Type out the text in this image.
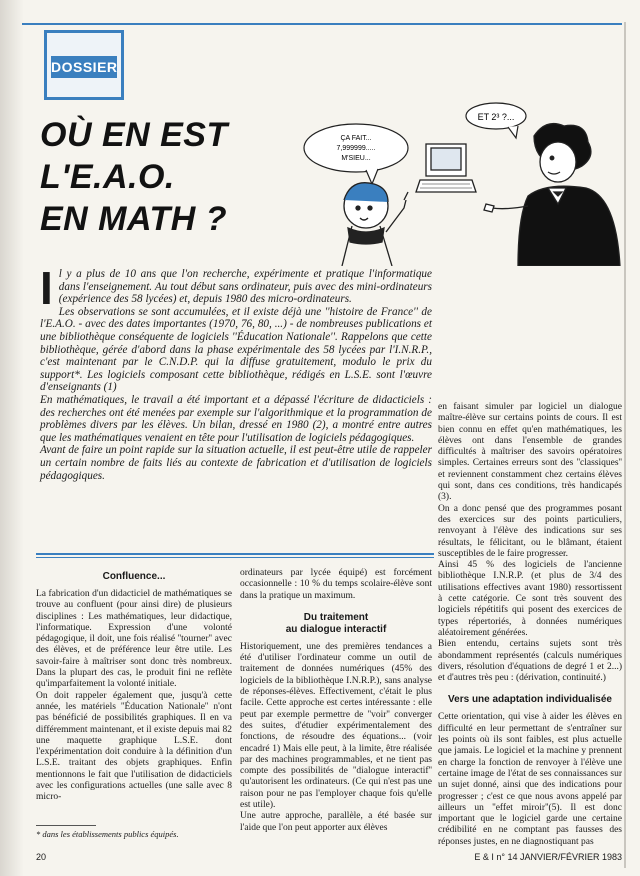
DOSSIER
OÙ EN EST
L'E.A.O.
EN MATH ?
ÇA FAIT...
7,999999.....
M'SIEU...
ET 2³ ?...
I l y a plus de 10 ans que l'on recherche, expérimente et pratique l'informatique dans l'enseignement. Au tout début sans ordinateur, puis avec des mini-ordinateurs (expérience des 58 lycées) et, depuis 1980 des micro-ordinateurs.

Les observations se sont accumulées, et il existe déjà une ''histoire de France'' de l'E.A.O. - avec des dates importantes (1970, 76, 80, ...) - de nombreuses publications et une bibliothèque conséquente de logiciels ''Éducation Nationale''. Rappelons que cette bibliothèque, gérée d'abord dans la phase expérimentale des 58 lycées par l'I.N.R.P., c'est maintenant par le C.N.D.P. qui la diffuse gratuitement, modulo le prix du support*. Les logiciels composant cette bibliothèque, rédigés en L.S.E. sont l'œuvre d'enseignants (1)

En mathématiques, le travail a été important et a dépassé l'écriture de didacticiels : des recherches ont été menées par exemple sur l'algorithmique et la programmation de problèmes divers par les élèves. Un bilan, dressé en 1980 (2), a montré entre autres que les mathématiques venaient en tête pour l'utilisation de logiciels pédagogiques.

Avant de faire un point rapide sur la situation actuelle, il est peut-être utile de rappeler un certain nombre de faits liés au contexte de fabrication et d'utilisation de logiciels pédagogiques.

Confluence...

La fabrication d'un didacticiel de mathématiques se trouve au confluent (pour ainsi dire) de plusieurs disciplines : Les mathématiques, leur didactique, l'informatique. Expression d'une volonté pédagogique, il doit, une fois réalisé ''tourner'' avec des élèves, et de préférence leur être utile. Les savoir-faire à maîtriser sont donc très nombreux. Dans la plupart des cas, le produit fini ne reflète qu'imparfaitement la volonté initiale.

On doit rappeler également que, jusqu'à cette année, les matériels ''Éducation Nationale'' n'ont pas bénéficié de possibilités graphiques. Il en va différemment maintenant, et il existe depuis mai 82 une maquette graphique L.S.E. dont l'expérimentation doit conduire à la définition d'un L.S.E. traitant des objets graphiques. Enfin mentionnons le fait que l'utilisation de didacticiels avec les configurations actuelles (une salle avec 8 micro-

* dans les établissements publics équipés.

ordinateurs par lycée équipé) est forcément occasionnelle : 10 % du temps scolaire-élève sont dans la pratique un maximum.

Du traitement
au dialogue interactif

Historiquement, une des premières tendances a été d'utiliser l'ordinateur comme un outil de traitement de données numériques (45% des logiciels de la bibliothèque I.N.R.P.), sans analyse de réponses-élèves. Effectivement, c'était le plus facile. Cette approche est certes intéressante : elle peut par exemple permettre de ''voir'' converger des suites, d'étudier expérimentalement des fonctions, de résoudre des équations... (voir encadré 1) Mais elle peut, à la limite, être réalisée par des machines programmables, et ne tient pas compte des possibilités de ''dialogue interactif'' qu'autorisent les ordinateurs. (Ce qui n'est pas une raison pour ne pas l'employer chaque fois qu'elle est utile).

Une autre approche, parallèle, a été basée sur l'aide que l'on peut apporter aux élèves

en faisant simuler par logiciel un dialogue maître-élève sur certains points de cours. Il est bien connu en effet qu'en mathématiques, les élèves ont dans l'ensemble de grandes difficultés à maîtriser des savoirs opératoires simples. Certaines erreurs sont des ''classiques'' et reviennent constamment chez certains élèves qui sont, dans ces conditions, très handicapés (3).

On a donc pensé que des programmes posant des exercices sur des points particuliers, renvoyant à l'élève des indications sur ses résultats, le félicitant, ou le blâmant, étaient susceptibles de le faire progresser.

Ainsi 45 % des logiciels de l'ancienne bibliothèque I.N.R.P. (et plus de 3/4 des utilisations effectives avant 1980) ressortissent à cette catégorie. Ce sont très souvent des logiciels répétitifs qui posent des exercices de types répertoriés, à données numériques aléatoirement générées.

Bien entendu, certains sujets sont très abondamment représentés (calculs numériques divers, résolution d'équations de degré 1 et 2...) et d'autres très peu : (dérivation, continuité.)

Vers une adaptation individualisée

Cette orientation, qui vise à aider les élèves en difficulté en leur permettant de s'entraîner sur les points où ils sont faibles, est plus actuelle que jamais. Le logiciel et la machine y prennent en charge la fonction de renvoyer à l'élève une certaine image de l'état de ses connaissances sur un sujet donné, ainsi que des indications pour progresser ; c'est ce que nous avons appelé par ailleurs un ''effet miroir''(5). Il est donc important que le logiciel garde une certaine crédibilité en ne comptant pas fausses des réponses justes, en ne diagnostiquant pas

20	E & I n° 14 JANVIER/FÉVRIER 1983
